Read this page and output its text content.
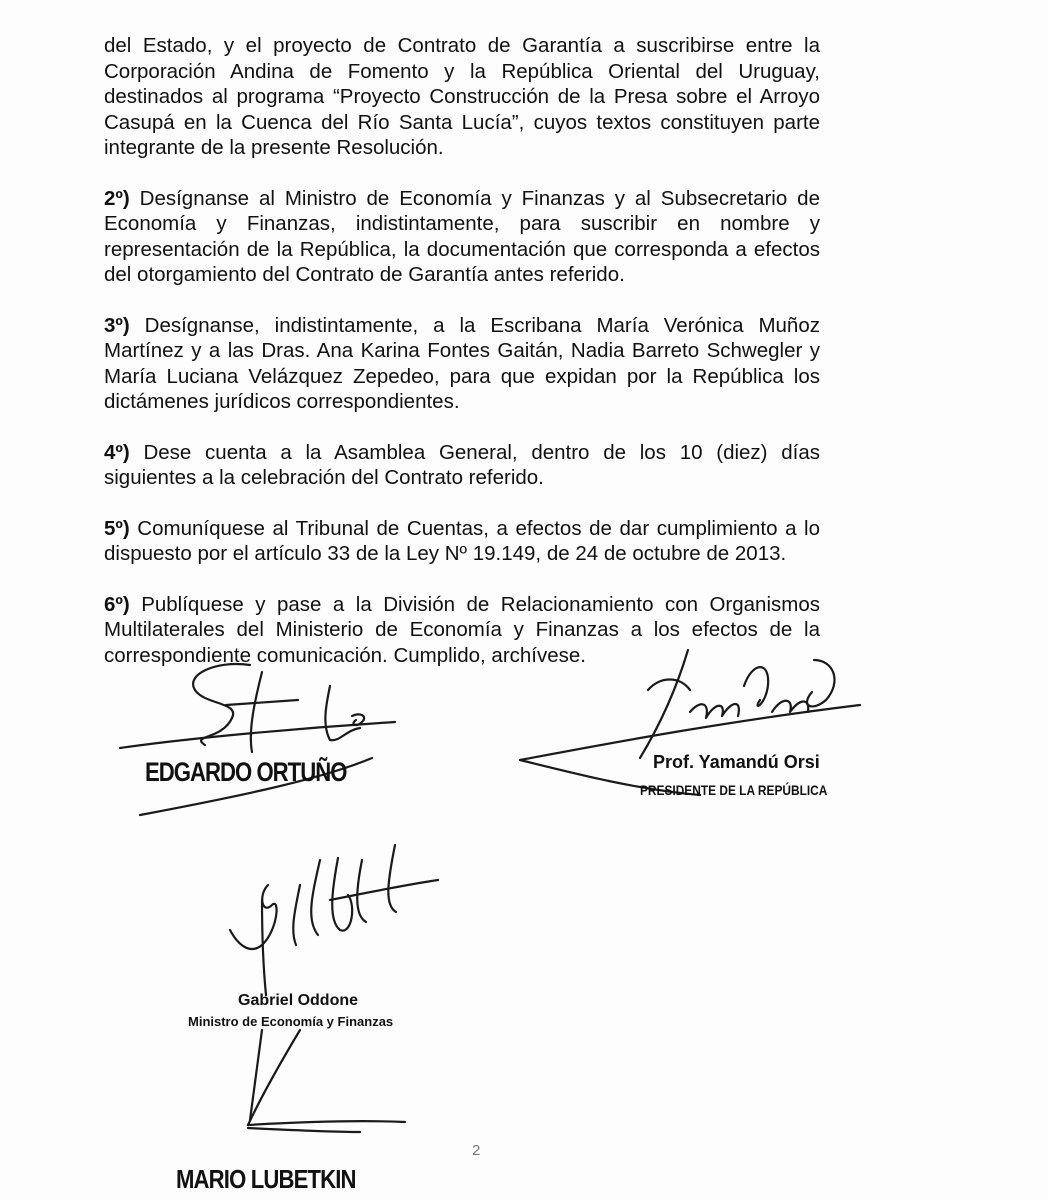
del Estado, y el proyecto de Contrato de Garantía a suscribirse entre la Corporación Andina de Fomento y la República Oriental del Uruguay, destinados al programa “Proyecto Construcción de la Presa sobre el Arroyo Casupá en la Cuenca del Río Santa Lucía”, cuyos textos constituyen parte integrante de la presente Resolución.

2º) Desígnanse al Ministro de Economía y Finanzas y al Subsecretario de Economía y Finanzas, indistintamente, para suscribir en nombre y representación de la República, la documentación que corresponda a efectos del otorgamiento del Contrato de Garantía antes referido.

3º) Desígnanse, indistintamente, a la Escribana María Verónica Muñoz Martínez y a las Dras. Ana Karina Fontes Gaitán, Nadia Barreto Schwegler y María Luciana Velázquez Zepedeo, para que expidan por la República los dictámenes jurídicos correspondientes.

4º) Dese cuenta a la Asamblea General, dentro de los 10 (diez) días siguientes a la celebración del Contrato referido.

5º) Comuníquese al Tribunal de Cuentas, a efectos de dar cumplimiento a lo dispuesto por el artículo 33 de la Ley Nº 19.149, de 24 de octubre de 2013.

6º) Publíquese y pase a la División de Relacionamiento con Organismos Multilaterales del Ministerio de Economía y Finanzas a los efectos de la correspondiente comunicación. Cumplido, archívese.

EDGARDO ORTUÑO	Prof. Yamandú Orsi
PRESIDENTE DE LA REPÚBLICA
Gabriel Oddone
Ministro de Economía y Finanzas
2
MARIO LUBETKIN
